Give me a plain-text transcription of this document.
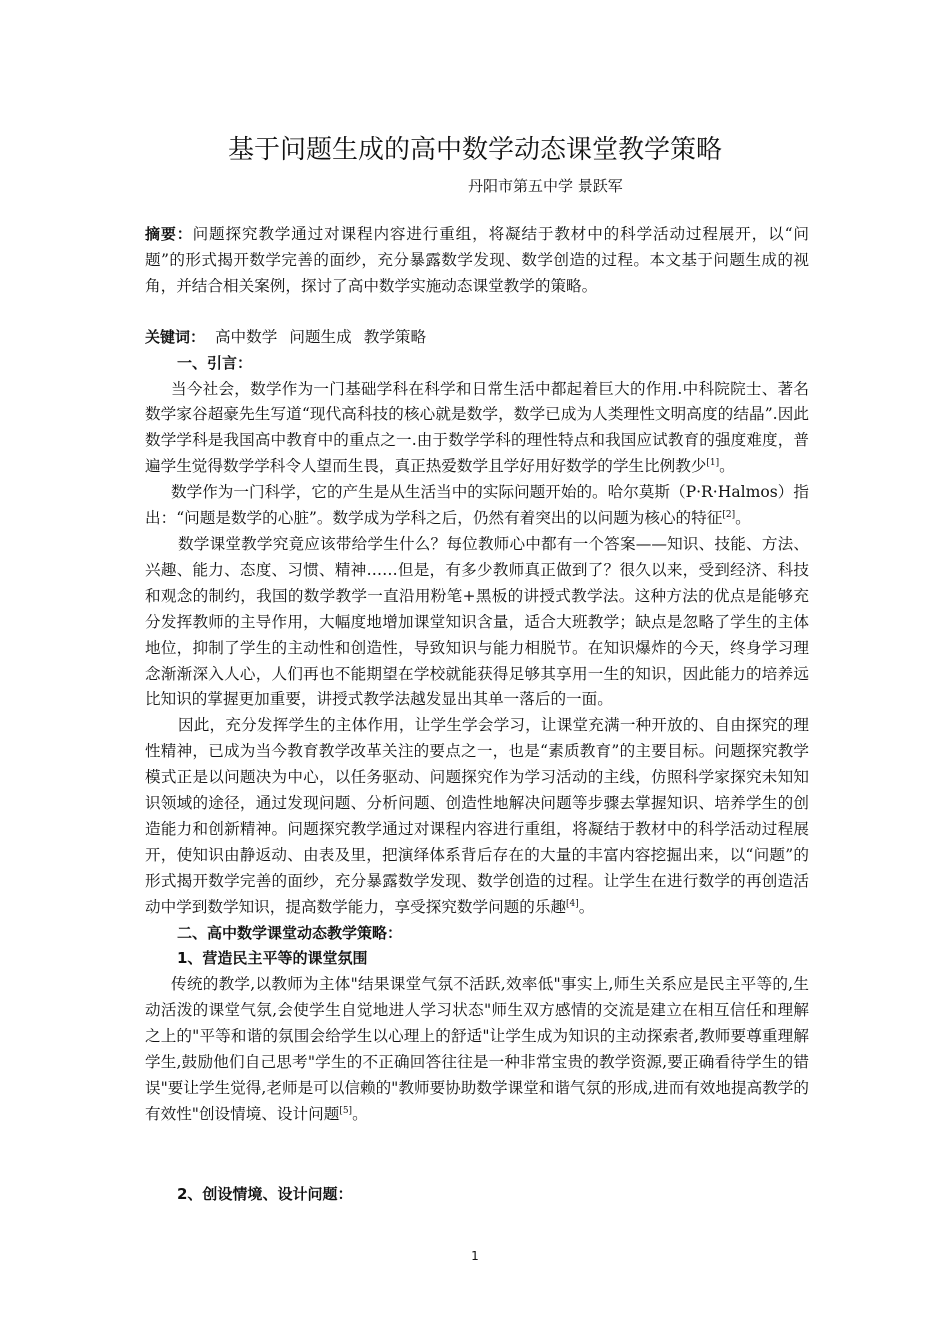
基于问题生成的高中数学动态课堂教学策略
丹阳市第五中学 景跃军

摘要：问题探究教学通过对课程内容进行重组，将凝结于教材中的科学活动过程展开，以“问题”的形式揭开数学完善的面纱，充分暴露数学发现、数学创造的过程。本文基于问题生成的视角，并结合相关案例，探讨了高中数学实施动态课堂教学的策略。

关键词： 高中数学 问题生成 教学策略

一、引言：

当今社会，数学作为一门基础学科在科学和日常生活中都起着巨大的作用.中科院院士、著名数学家谷超豪先生写道“现代高科技的核心就是数学，数学已成为人类理性文明高度的结晶”.因此数学学科是我国高中教育中的重点之一.由于数学学科的理性特点和我国应试教育的强度难度，普遍学生觉得数学学科令人望而生畏，真正热爱数学且学好用好数学的学生比例教少[1]。

数学作为一门科学，它的产生是从生活当中的实际问题开始的。哈尔莫斯（P·R·Halmos）指出：“问题是数学的心脏”。数学成为学科之后，仍然有着突出的以问题为核心的特征[2]。

数学课堂教学究竟应该带给学生什么？每位教师心中都有一个答案——知识、技能、方法、兴趣、能力、态度、习惯、精神……但是，有多少教师真正做到了？很久以来，受到经济、科技和观念的制约，我国的数学教学一直沿用粉笔+黑板的讲授式教学法。这种方法的优点是能够充分发挥教师的主导作用，大幅度地增加课堂知识含量，适合大班教学；缺点是忽略了学生的主体地位，抑制了学生的主动性和创造性，导致知识与能力相脱节。在知识爆炸的今天，终身学习理念渐渐深入人心，人们再也不能期望在学校就能获得足够其享用一生的知识，因此能力的培养远比知识的掌握更加重要，讲授式教学法越发显出其单一落后的一面。

因此，充分发挥学生的主体作用，让学生学会学习，让课堂充满一种开放的、自由探究的理性精神，已成为当今教育教学改革关注的要点之一，也是“素质教育”的主要目标。问题探究教学模式正是以问题决为中心，以任务驱动、问题探究作为学习活动的主线，仿照科学家探究未知知识领域的途径，通过发现问题、分析问题、创造性地解决问题等步骤去掌握知识、培养学生的创造能力和创新精神。问题探究教学通过对课程内容进行重组，将凝结于教材中的科学活动过程展开，使知识由静返动、由表及里，把演绎体系背后存在的大量的丰富内容挖掘出来，以“问题”的形式揭开数学完善的面纱，充分暴露数学发现、数学创造的过程。让学生在进行数学的再创造活动中学到数学知识，提高数学能力，享受探究数学问题的乐趣[4]。

二、高中数学课堂动态教学策略：

1、营造民主平等的课堂氛围

传统的教学,以教师为主体"结果课堂气氛不活跃,效率低"事实上,师生关系应是民主平等的,生动活泼的课堂气氛,会使学生自觉地进人学习状态"师生双方感情的交流是建立在相互信任和理解之上的"平等和谐的氛围会给学生以心理上的舒适"让学生成为知识的主动探索者,教师要尊重理解学生,鼓励他们自己思考"学生的不正确回答往往是一种非常宝贵的教学资源,要正确看待学生的错误"要让学生觉得,老师是可以信赖的"教师要协助数学课堂和谐气氛的形成,进而有效地提高教学的有效性"创设情境、设计问题[5]。

2、创设情境、设计问题：

1
